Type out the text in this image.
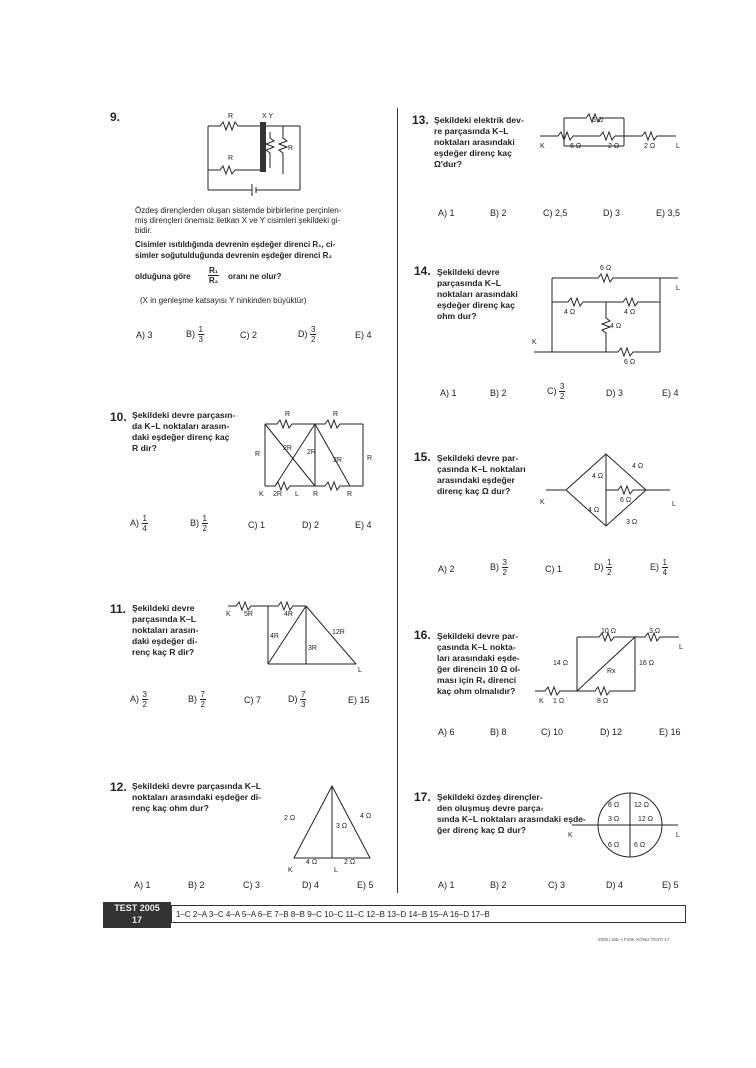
9.	R	X Y
R
R
Özdeş dirençlerden oluşan sistemde birbirlerine perçinlen-
miş dirençleri önemsiz iletkan X ve Y cisimleri şekildeki gi-
bidir.
Cisimler ısıtıldığında devrenin eşdeğer direnci R₁, ci-
simler soğutulduğunda devrenin eşdeğer direnci R₂
olduğuna göre $\frac{\text{R₁}}{\text{R₂}}$ oranı ne olur?
(X in genleşme katsayısı Y ninkinden büyüktür)
A) 3	$B) \frac{1}{3}$	C) 2	$D) \frac{3}{2}$	E) 4
10. Şekildeki devre parçasın-
da K–L noktaları arasın-
daki eşdeğer direnç kaç
R dir?
R	R
R
2R
2R
2R	R
K 2R L R	R
$A) \frac{1}{4}$	$B) \frac{1}{2}$	C) 1	D) 2	E) 4
11. Şekildeki devre
parçasında K–L
noktaları arasın-
daki eşdeğer di-
renç kaç R dir?
K 5R	4R
4R
3R
12R
L
$A) \frac{3}{2}$	$B) \frac{7}{2}$	C) 7	$D) \frac{7}{3}$	E) 15
12. Şekildeki devre parçasında K–L
noktaları arasındaki eşdeğer di-
renç kaç ohm dur?
2 Ω	4 Ω
3 Ω
4 Ω	2 Ω
K	L
A) 1	B) 2	C) 3	D) 4	E) 5
13. Şekildeki elektrik dev-
re parçasında K–L
noktaları arasındaki
eşdeğer direnç kaç
Ω'dur?
5 Ω
K	6 Ω	2 Ω	2 Ω	L
A) 1	B) 2	C) 2,5	D) 3	E) 3,5
14. Şekildeki devre
parçasında K–L
noktaları arasındaki
eşdeğer direnç kaç
ohm dur?
6 Ω
L
4 Ω	4 Ω
4 Ω
K
6 Ω
A) 1	B) 2	$C) \frac{3}{2}$	D) 3	E) 4
15. Şekildeki devre par-
çasında K–L noktaları
arasındaki eşdeğer
direnç kaç Ω dur?
4 Ω
4 Ω
6 Ω
4 Ω
3 Ω
K	L
A) 2	$B) \frac{3}{2}$	C) 1	$D) \frac{1}{2}$	$E) \frac{1}{4}$
16. Şekildeki devre par-
çasında K–L nokta-
ları arasındaki eşde-
ğer direncin 10 Ω ol-
ması için Rₓ direnci
kaç ohm olmalıdır?
10 Ω	3 Ω
L
14 Ω	16 Ω
Rx
K 1 Ω	8 Ω
A) 6	B) 8	C) 10	D) 12	E) 16
17. Şekildeki özdeş dirençler-
den oluşmuş devre parça-
sında K–L noktaları arasındaki eşde-
ğer direnç kaç Ω dur?
6 Ω 12 Ω
3 Ω	12 Ω
6 Ω 6 Ω
K	L
A) 1	B) 2	C) 3	D) 4	E) 5
TEST 2005
17
1–C 2–A 3–C 4–A 5–A 6–E 7–B 8–B 9–C 10–C 11–C 12–B 13–D 14–B 15–A 16–D 17–B
2005 LISE–I FIZIK KONU TESTI 17
